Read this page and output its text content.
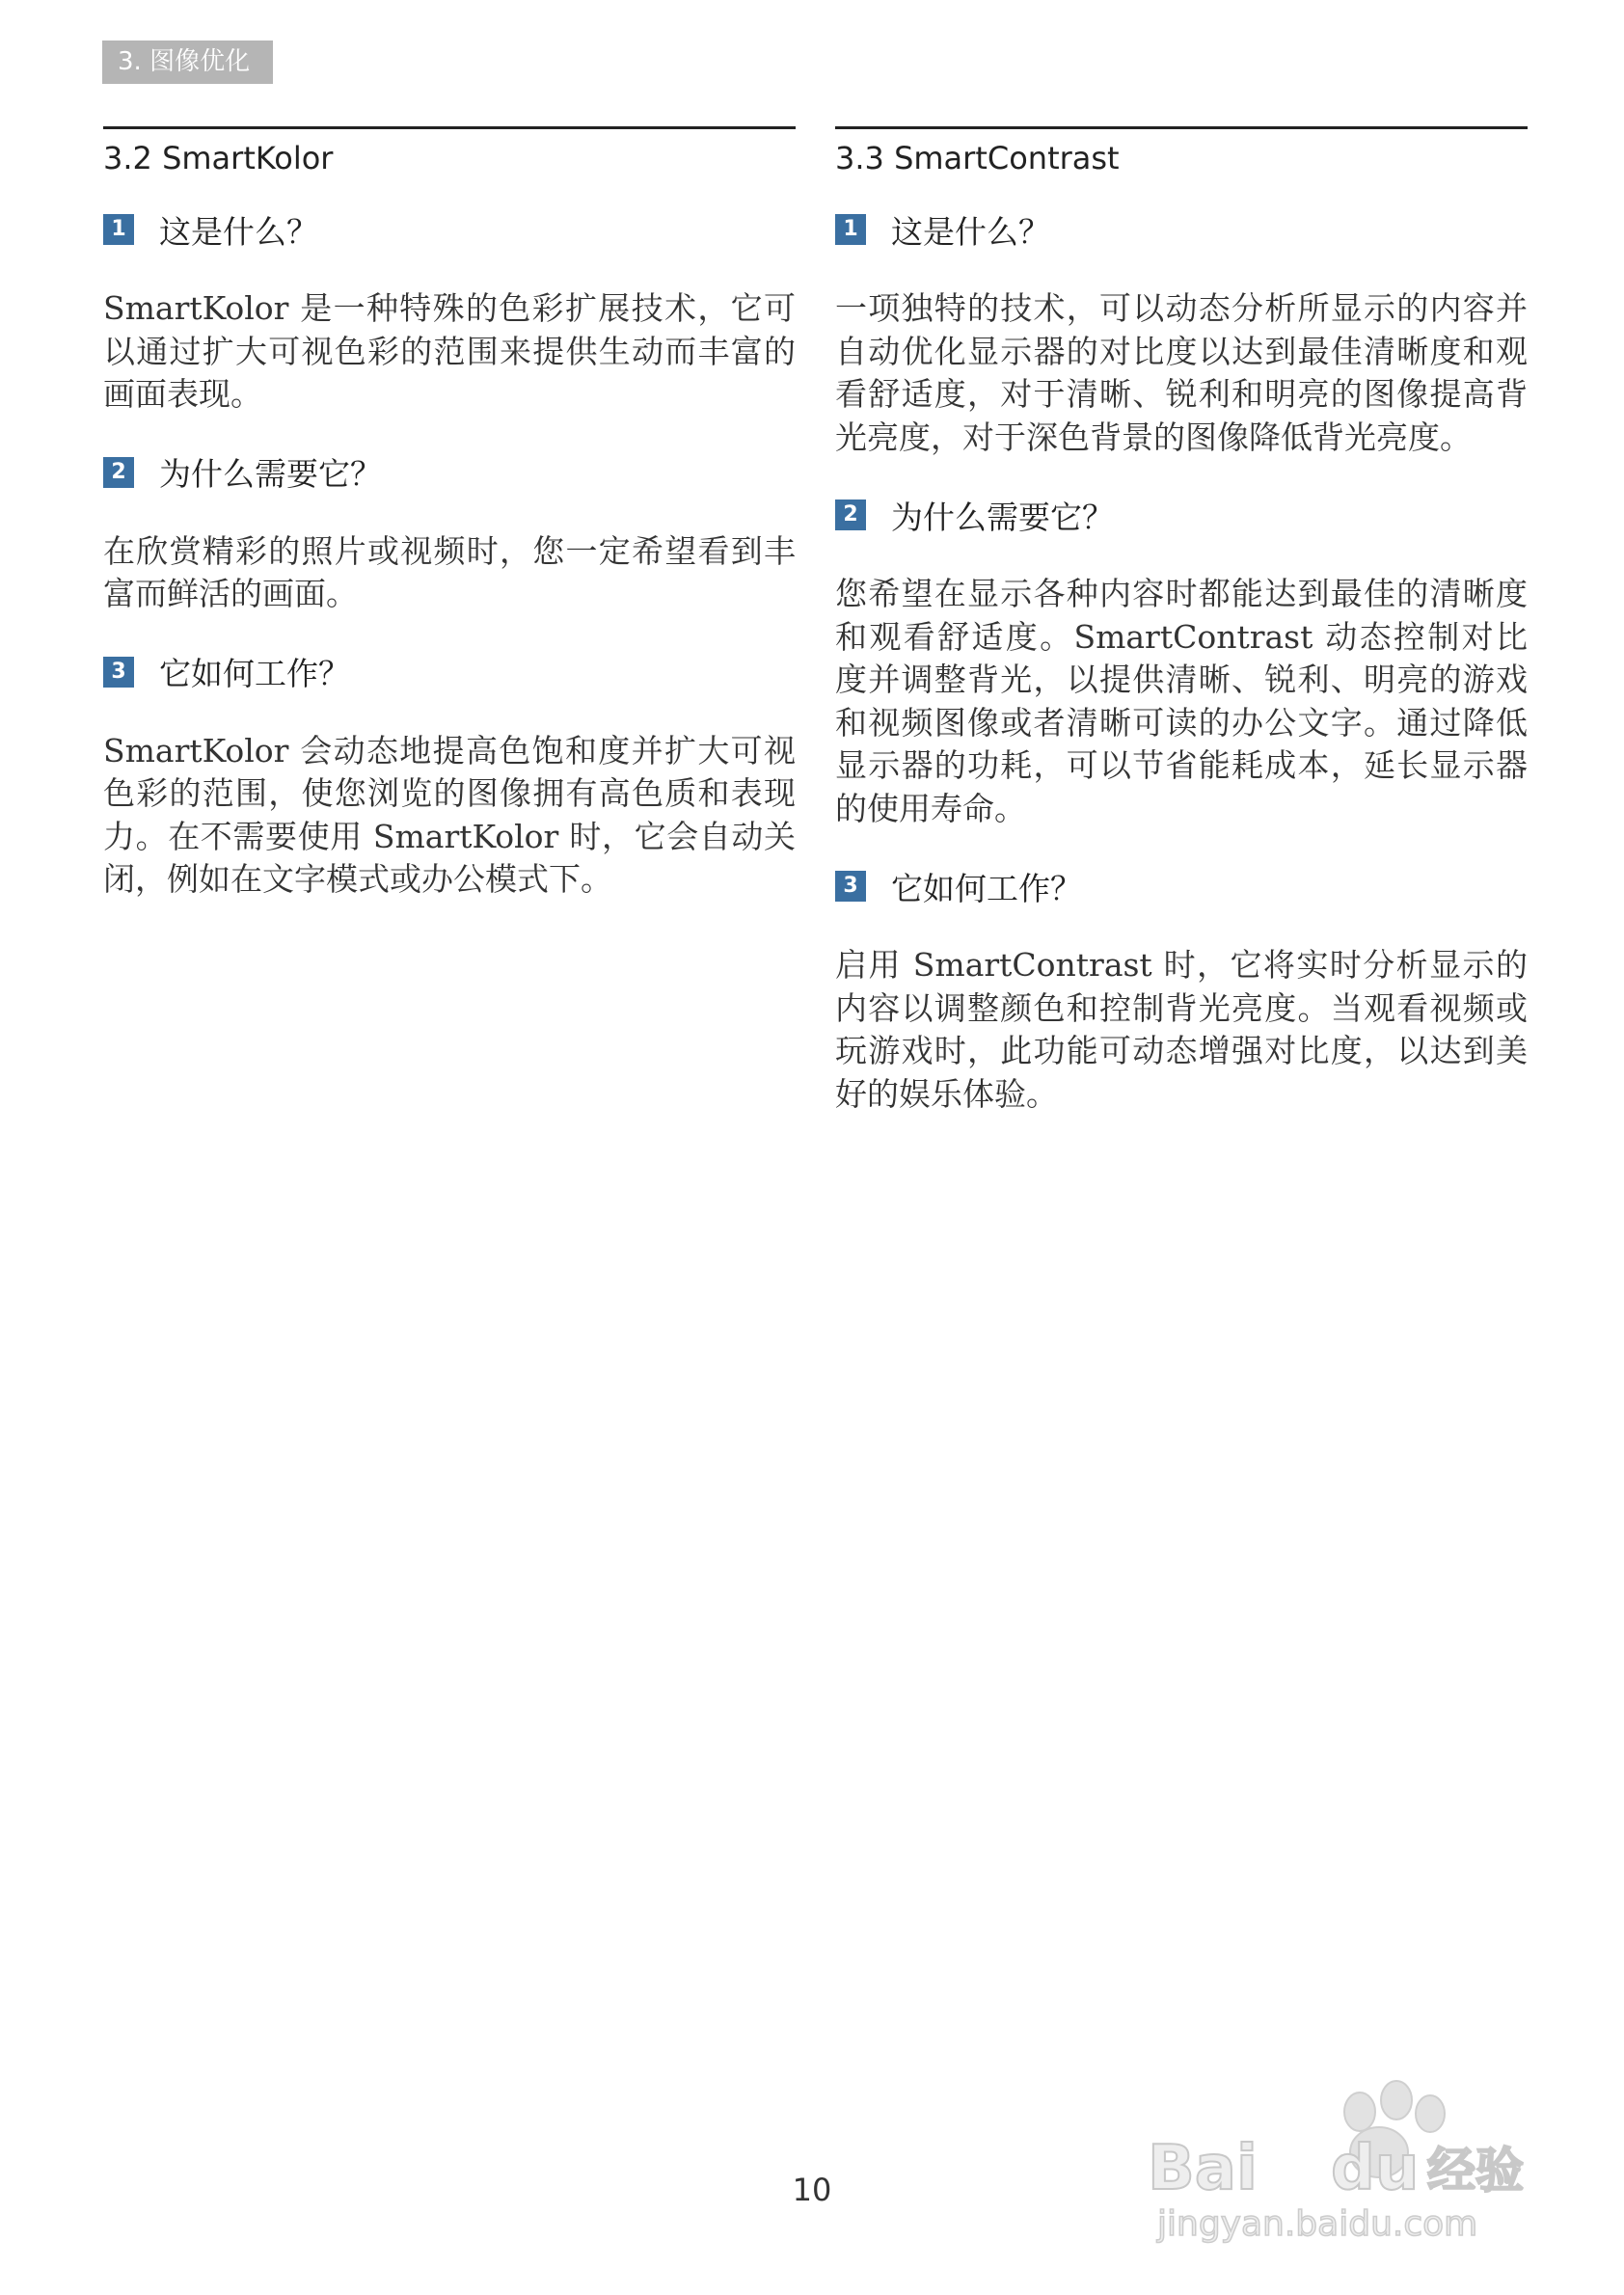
3. 图像优化
3.2 SmartKolor
1 这是什么？

SmartKolor 是一种特殊的色彩扩展技术，它可以通过扩大可视色彩的范围来提供生动而丰富的画面表现。

2 为什么需要它？

在欣赏精彩的照片或视频时，您一定希望看到丰富而鲜活的画面。

3 它如何工作？

SmartKolor 会动态地提高色饱和度并扩大可视色彩的范围，使您浏览的图像拥有高色质和表现力。在不需要使用 SmartKolor 时，它会自动关闭，例如在文字模式或办公模式下。

3.3 SmartContrast
1 这是什么？

一项独特的技术，可以动态分析所显示的内容并自动优化显示器的对比度以达到最佳清晰度和观看舒适度，对于清晰、锐利和明亮的图像提高背光亮度，对于深色背景的图像降低背光亮度。

2 为什么需要它？

您希望在显示各种内容时都能达到最佳的清晰度和观看舒适度。SmartContrast 动态控制对比度并调整背光，以提供清晰、锐利、明亮的游戏和视频图像或者清晰可读的办公文字。通过降低显示器的功耗，可以节省能耗成本，延长显示器的使用寿命。

3 它如何工作？

启用 SmartContrast 时，它将实时分析显示的内容以调整颜色和控制背光亮度。当观看视频或玩游戏时，此功能可动态增强对比度，以达到美好的娱乐体验。

10	Bai du 经验
jingyan.baidu.com
